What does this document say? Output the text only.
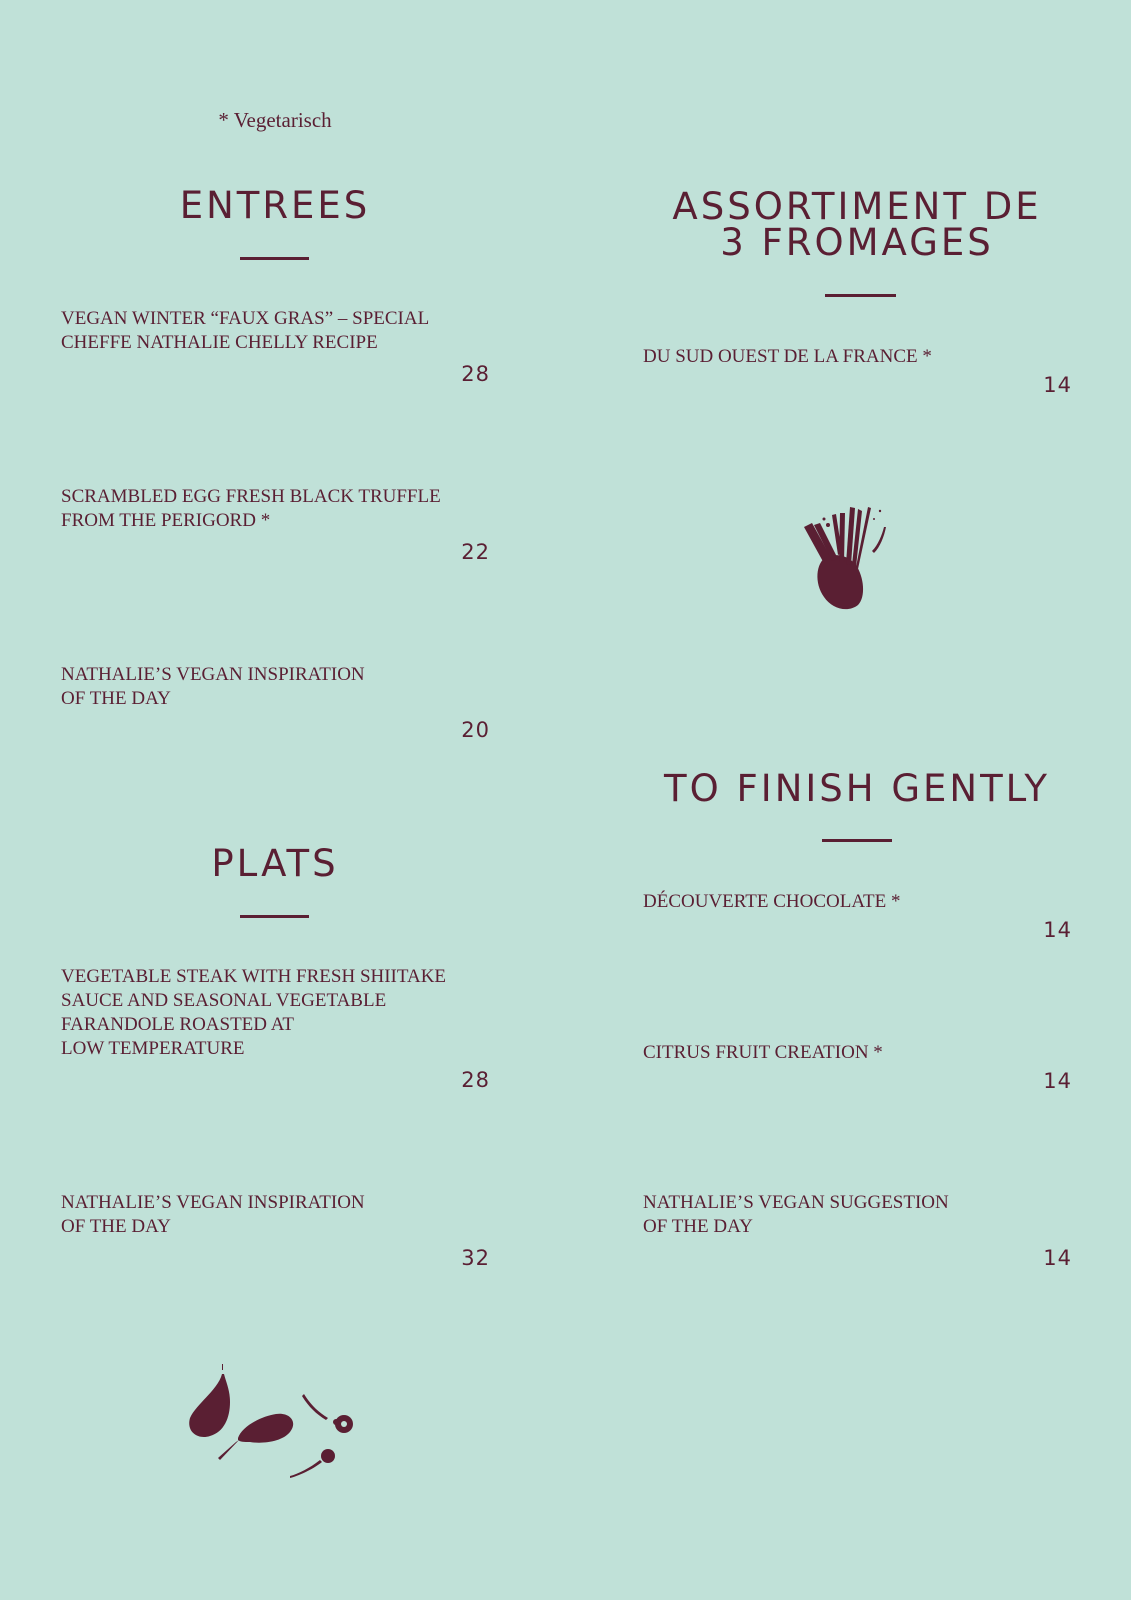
* Vegetarisch
ENTREES
VEGAN WINTER “FAUX GRAS” – SPECIAL
CHEFFE NATHALIE CHELLY RECIPE
28
SCRAMBLED EGG FRESH BLACK TRUFFLE
FROM THE PERIGORD *
22
NATHALIE’S VEGAN INSPIRATION
OF THE DAY
20
PLATS
VEGETABLE STEAK WITH FRESH SHIITAKE
SAUCE AND SEASONAL VEGETABLE
FARANDOLE ROASTED AT
LOW TEMPERATURE
28
NATHALIE’S VEGAN INSPIRATION
OF THE DAY
32
ASSORTIMENT DE
3 FROMAGES
DU SUD OUEST DE LA FRANCE *
14
TO FINISH GENTLY
DÉCOUVERTE CHOCOLATE *
14
CITRUS FRUIT CREATION *
14
NATHALIE’S VEGAN SUGGESTION
OF THE DAY
14
